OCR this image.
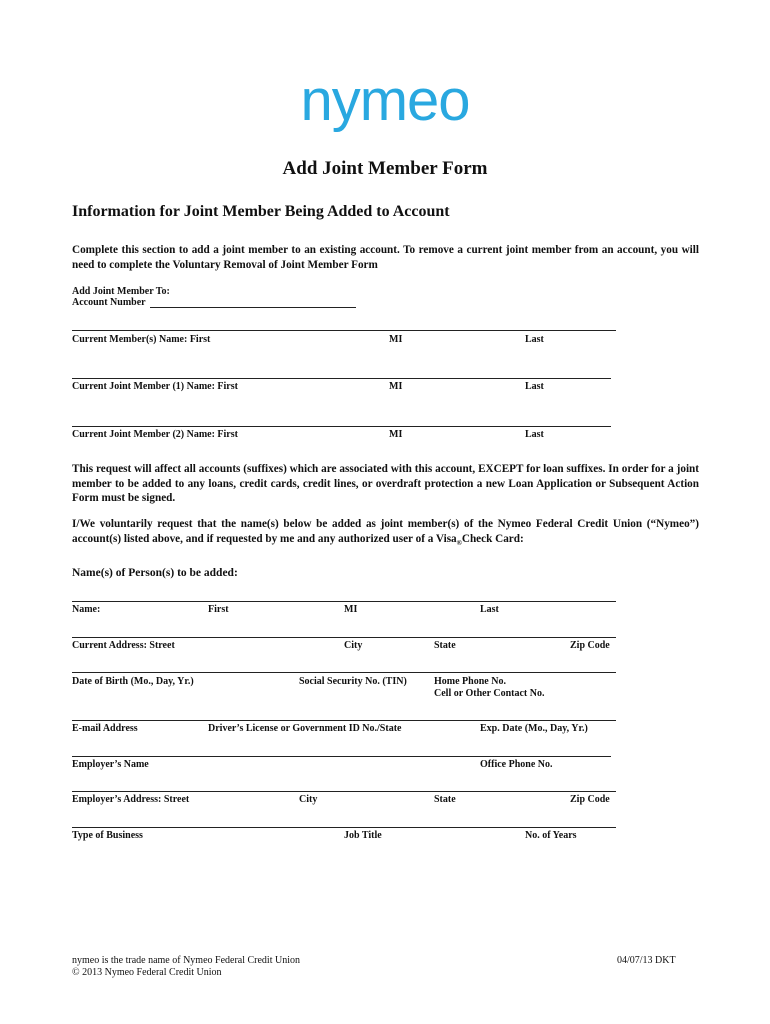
nymeo
Add Joint Member Form
Information for Joint Member Being Added to Account
Complete this section to add a joint member to an existing account. To remove a current joint member from an account, you will need to complete the Voluntary Removal of Joint Member Form
Add Joint Member To:
Account Number
Current Member(s) Name: First	MI	Last
Current Joint Member (1) Name: First	MI	Last
Current Joint Member (2) Name: First	MI	Last
This request will affect all accounts (suffixes) which are associated with this account, EXCEPT for loan suffixes. In order for a joint member to be added to any loans, credit cards, credit lines, or overdraft protection a new Loan Application or Subsequent Action Form must be signed.
I/We voluntarily request that the name(s) below be added as joint member(s) of the Nymeo Federal Credit Union (“Nymeo”) account(s) listed above, and if requested by me and any authorized user of a Visa$_®$Check Card:
Name(s) of Person(s) to be added:
Name:	First	MI	Last
Current Address: Street	City	State	Zip Code
Date of Birth (Mo., Day, Yr.)	Social Security No. (TIN)	Home Phone No.
Cell or Other Contact No.
E-mail Address	Driver’s License or Government ID No./State	Exp. Date (Mo., Day, Yr.)
Employer’s Name	Office Phone No.
Employer’s Address: Street	City	State	Zip Code
Type of Business	Job Title	No. of Years
nymeo is the trade name of Nymeo Federal Credit Union
© 2013 Nymeo Federal Credit Union
04/07/13 DKT
